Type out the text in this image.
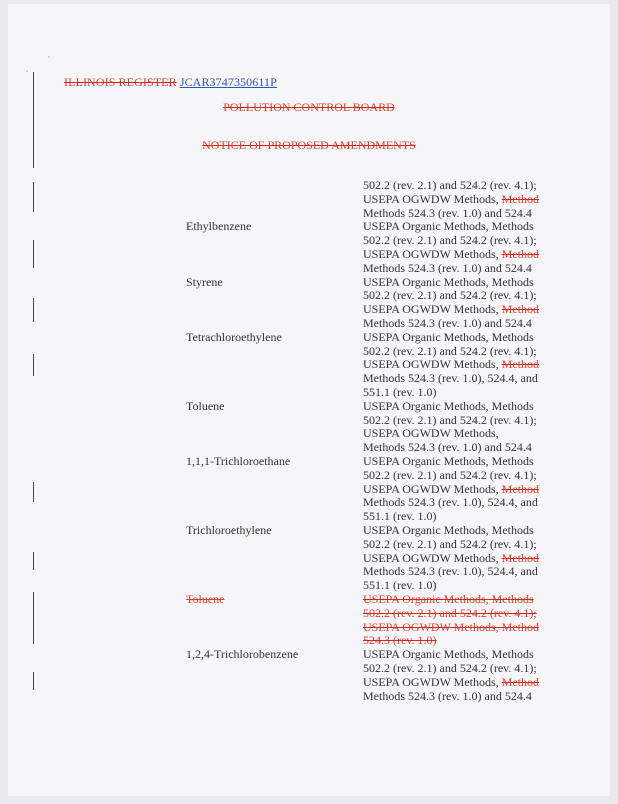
ILLINOIS REGISTER JCAR3747350611P
POLLUTION CONTROL BOARD
NOTICE OF PROPOSED AMENDMENTS
502.2 (rev. 2.1) and 524.2 (rev. 4.1);
USEPA OGWDW Methods, Method
Methods 524.3 (rev. 1.0) and 524.4
Ethylbenzene	USEPA Organic Methods, Methods
502.2 (rev. 2.1) and 524.2 (rev. 4.1);
USEPA OGWDW Methods, Method
Methods 524.3 (rev. 1.0) and 524.4
Styrene	USEPA Organic Methods, Methods
502.2 (rev. 2.1) and 524.2 (rev. 4.1);
USEPA OGWDW Methods, Method
Methods 524.3 (rev. 1.0) and 524.4
Tetrachloroethylene	USEPA Organic Methods, Methods
502.2 (rev. 2.1) and 524.2 (rev. 4.1);
USEPA OGWDW Methods, Method
Methods 524.3 (rev. 1.0), 524.4, and
551.1 (rev. 1.0)
Toluene	USEPA Organic Methods, Methods
502.2 (rev. 2.1) and 524.2 (rev. 4.1);
USEPA OGWDW Methods,
Methods 524.3 (rev. 1.0) and 524.4
1,1,1-Trichloroethane	USEPA Organic Methods, Methods
502.2 (rev. 2.1) and 524.2 (rev. 4.1);
USEPA OGWDW Methods, Method
Methods 524.3 (rev. 1.0), 524.4, and
551.1 (rev. 1.0)
Trichloroethylene	USEPA Organic Methods, Methods
502.2 (rev. 2.1) and 524.2 (rev. 4.1);
USEPA OGWDW Methods, Method
Methods 524.3 (rev. 1.0), 524.4, and
551.1 (rev. 1.0)
Toluene	USEPA Organic Methods, Methods
502.2 (rev. 2.1) and 524.2 (rev. 4.1);
USEPA OGWDW Methods, Method
524.3 (rev. 1.0)
1,2,4-Trichlorobenzene	USEPA Organic Methods, Methods
502.2 (rev. 2.1) and 524.2 (rev. 4.1);
USEPA OGWDW Methods, Method
Methods 524.3 (rev. 1.0) and 524.4
